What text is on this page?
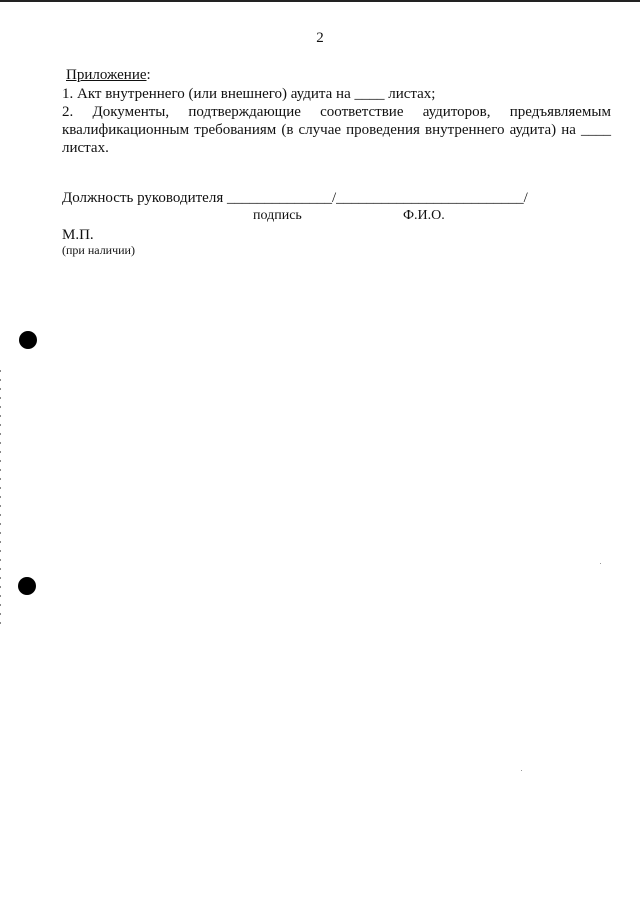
2

Приложение:

1. Акт внутреннего (или внешнего) аудита на ____ листах;

2. Документы, подтверждающие соответствие аудиторов, предъявляемым

квалификационным требованиям (в случае проведения внутреннего аудита) на ____

листах.

Должность руководителя ______________/_________________________/
подпись	Ф.И.О.
М.П.
(при наличии)
